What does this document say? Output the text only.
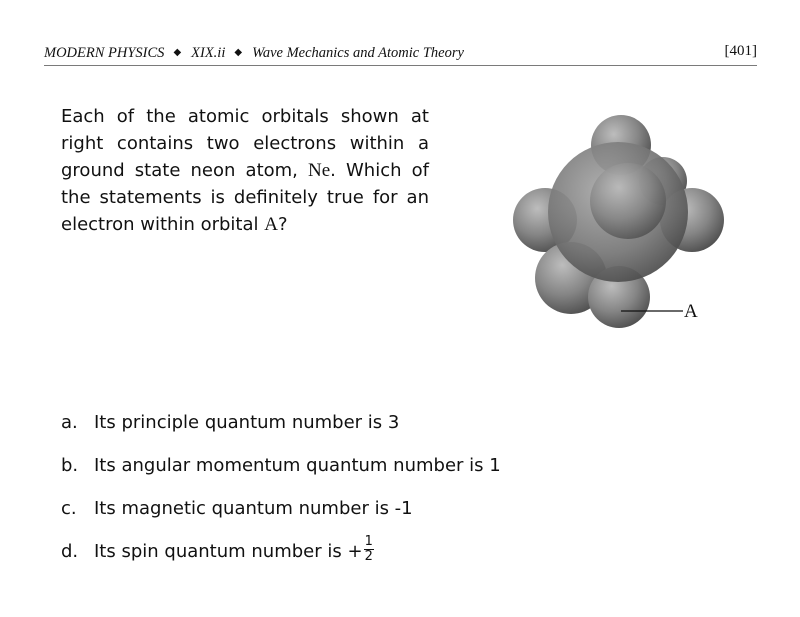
MODERN PHYSICS ◆ XIX.ii ◆ Wave Mechanics and Atomic Theory	[401]
Each of the atomic orbitals shown at right contains two electrons within a ground state neon atom, Ne. Which of the statements is definitely true for an electron within orbital A?
A
a. Its principle quantum number is 3
b. Its angular momentum quantum number is 1
c. Its magnetic quantum number is -1
d. Its spin quantum number is + $\frac{1}{2}$
